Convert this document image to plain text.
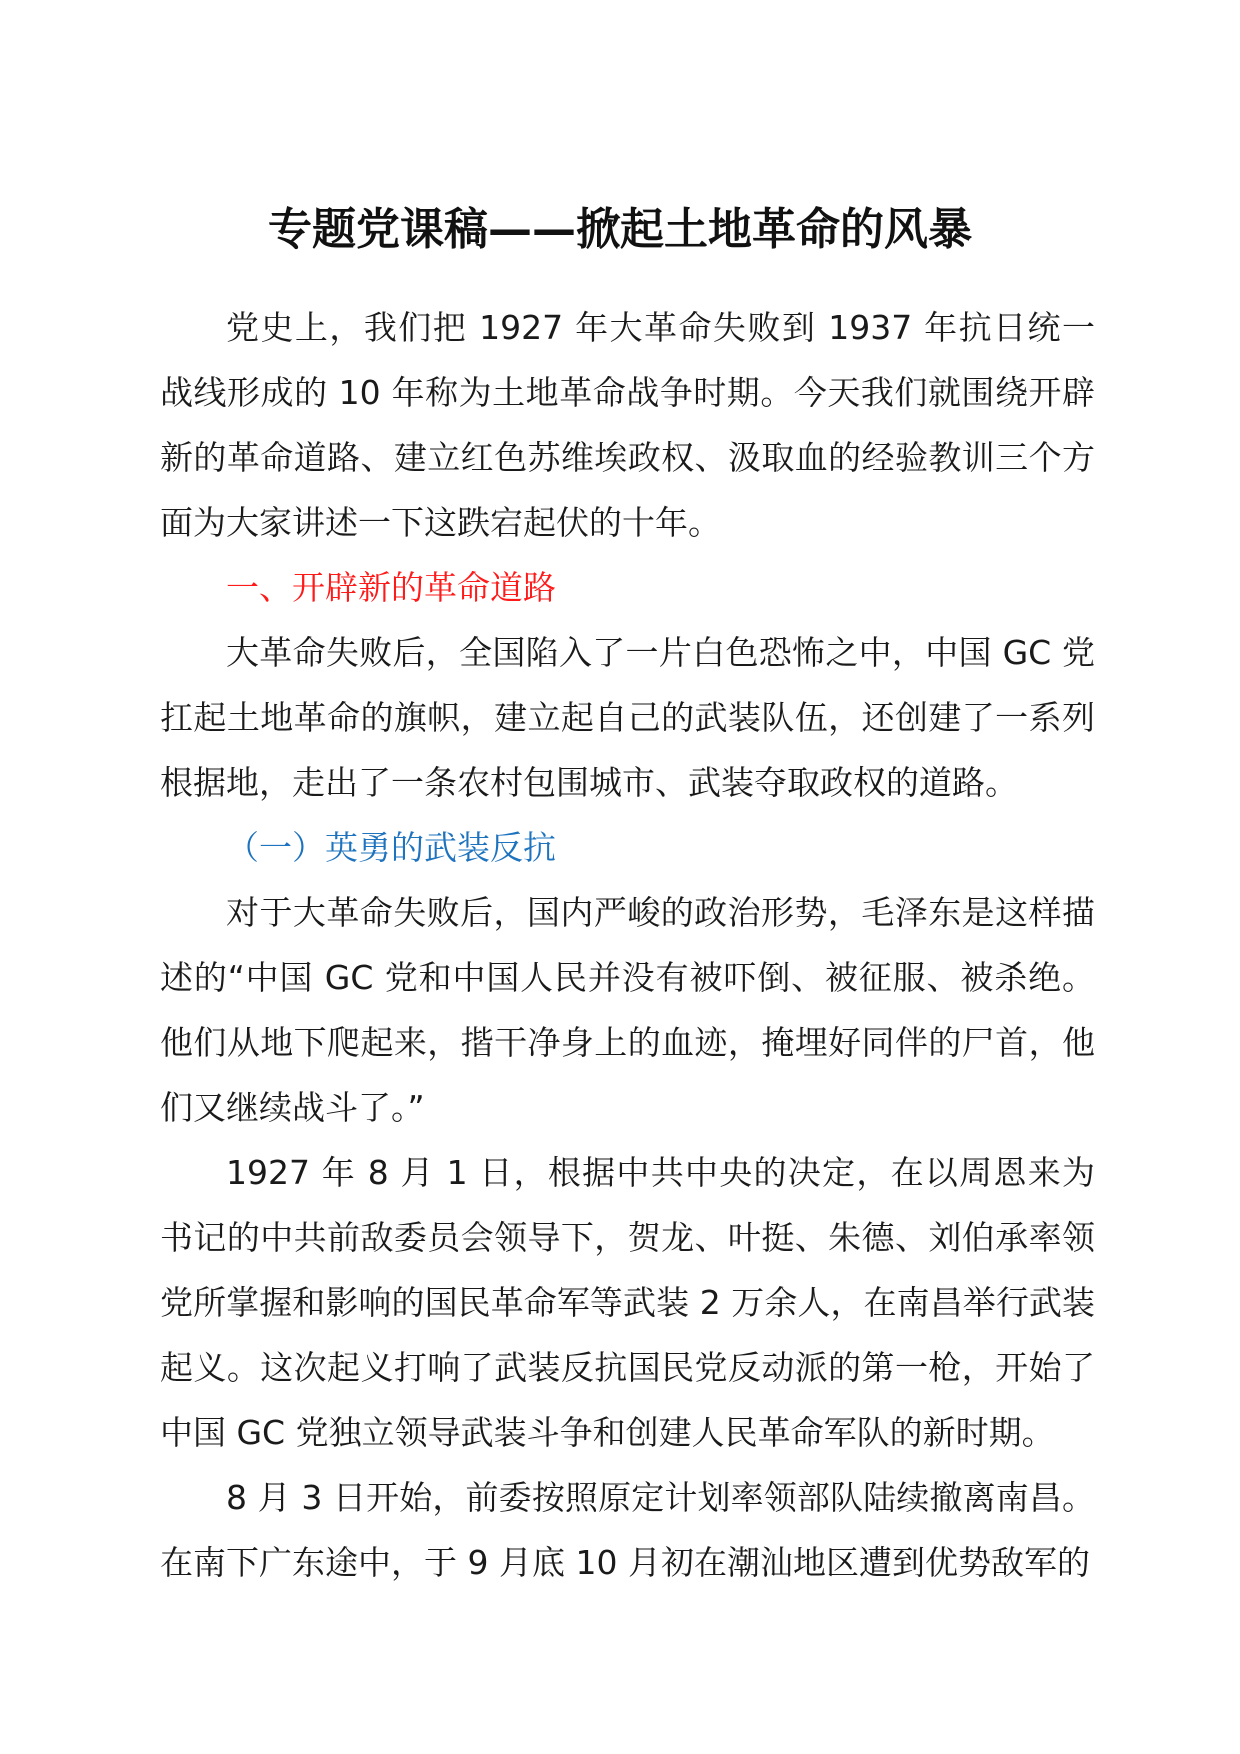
专题党课稿——掀起土地革命的风暴

党史上，我们把 1927 年大革命失败到 1937 年抗日统一战线形成的 10 年称为土地革命战争时期。今天我们就围绕开辟新的革命道路、建立红色苏维埃政权、汲取血的经验教训三个方面为大家讲述一下这跌宕起伏的十年。

一、开辟新的革命道路

大革命失败后，全国陷入了一片白色恐怖之中，中国 GC 党扛起土地革命的旗帜，建立起自己的武装队伍，还创建了一系列根据地，走出了一条农村包围城市、武装夺取政权的道路。

（一）英勇的武装反抗

对于大革命失败后，国内严峻的政治形势，毛泽东是这样描述的“中国 GC 党和中国人民并没有被吓倒、被征服、被杀绝。他们从地下爬起来，揩干净身上的血迹，掩埋好同伴的尸首，他们又继续战斗了。”

1927 年 8 月 1 日，根据中共中央的决定，在以周恩来为书记的中共前敌委员会领导下，贺龙、叶挺、朱德、刘伯承率领党所掌握和影响的国民革命军等武装 2 万余人，在南昌举行武装起义。这次起义打响了武装反抗国民党反动派的第一枪，开始了中国 GC 党独立领导武装斗争和创建人民革命军队的新时期。

8 月 3 日开始，前委按照原定计划率领部队陆续撤离南昌。在南下广东途中，于 9 月底 10 月初在潮汕地区遭到优势敌军的
